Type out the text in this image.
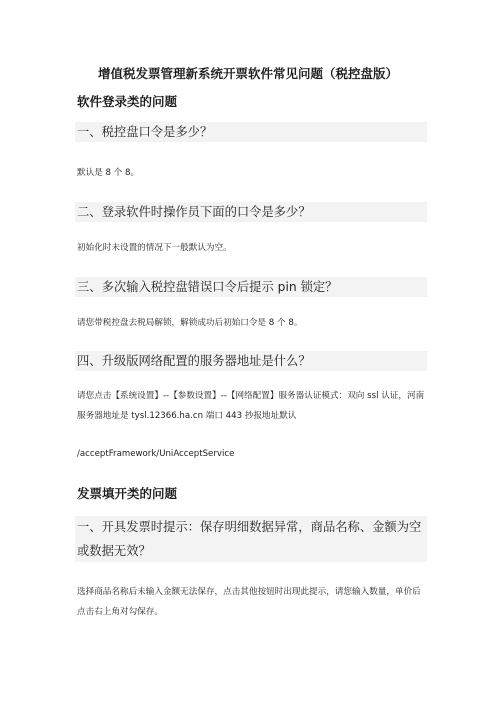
增值税发票管理新系统开票软件常见问题（税控盘版）
软件登录类的问题
一、税控盘口令是多少？
默认是 8 个 8。
二、登录软件时操作员下面的口令是多少？
初始化时未设置的情况下一般默认为空。
三、多次输入税控盘错误口令后提示 pin 锁定？
请您带税控盘去税局解锁，解锁成功后初始口令是 8 个 8。
四、升级版网络配置的服务器地址是什么？
请您点击【系统设置】--【参数设置】--【网络配置】服务器认证模式：双向 ssl 认证，河南服务器地址是 tysl.12366.ha.cn 端口 443 抄报地址默认
/acceptFramework/UniAcceptService
发票填开类的问题
一、开具发票时提示：保存明细数据异常，商品名称、金额为空或数据无效？
选择商品名称后未输入金额无法保存，点击其他按钮时出现此提示，请您输入数量，单价后点击右上角对勾保存。
